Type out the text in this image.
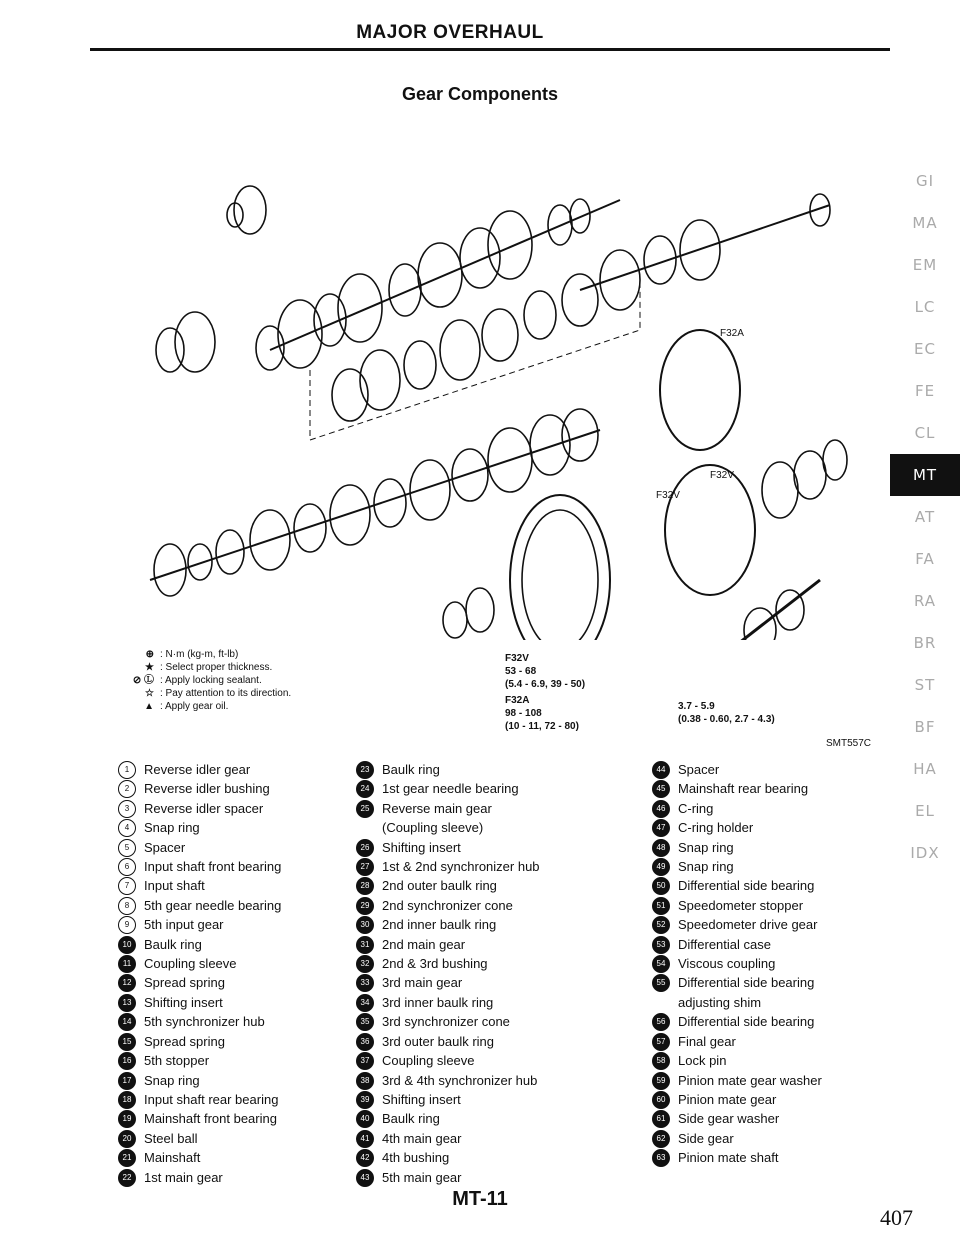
MAJOR OVERHAUL
Gear Components
F32A
F32V
F32V
GI
MA
EM
LC
EC
FE
CL
MT
AT
FA
RA
BR
ST
BF
HA
EL
IDX
⊕ : N·m (kg-m, ft-lb)
★ : Select proper thickness.
⊘ Ⓛ : Apply locking sealant.
☆ : Pay attention to its direction.
▲ : Apply gear oil.
F32V
53 - 68
(5.4 - 6.9, 39 - 50)
F32A
98 - 108
(10 - 11, 72 - 80)
3.7 - 5.9
(0.38 - 0.60, 2.7 - 4.3)
SMT557C
1	Reverse idler gear
2	Reverse idler bushing
3	Reverse idler spacer
4	Snap ring
5	Spacer
6	Input shaft front bearing
7	Input shaft
8	5th gear needle bearing
9	5th input gear
10 Baulk ring
11 Coupling sleeve
12 Spread spring
13 Shifting insert
14 5th synchronizer hub
15 Spread spring
16 5th stopper
17 Snap ring
18 Input shaft rear bearing
19 Mainshaft front bearing
20 Steel ball
21 Mainshaft
22 1st main gear
23 Baulk ring
24 1st gear needle bearing
25 Reverse main gear
(Coupling sleeve)
26 Shifting insert
27 1st & 2nd synchronizer hub
28 2nd outer baulk ring
29 2nd synchronizer cone
30 2nd inner baulk ring
31 2nd main gear
32 2nd & 3rd bushing
33 3rd main gear
34 3rd inner baulk ring
35 3rd synchronizer cone
36 3rd outer baulk ring
37 Coupling sleeve
38 3rd & 4th synchronizer hub
39 Shifting insert
40 Baulk ring
41 4th main gear
42 4th bushing
43 5th main gear
44 Spacer
45 Mainshaft rear bearing
46 C-ring
47 C-ring holder
48 Snap ring
49 Snap ring
50 Differential side bearing
51 Speedometer stopper
52 Speedometer drive gear
53 Differential case
54 Viscous coupling
55 Differential side bearing
adjusting shim
56 Differential side bearing
57 Final gear
58 Lock pin
59 Pinion mate gear washer
60 Pinion mate gear
61 Side gear washer
62 Side gear
63 Pinion mate shaft
MT-11
407
